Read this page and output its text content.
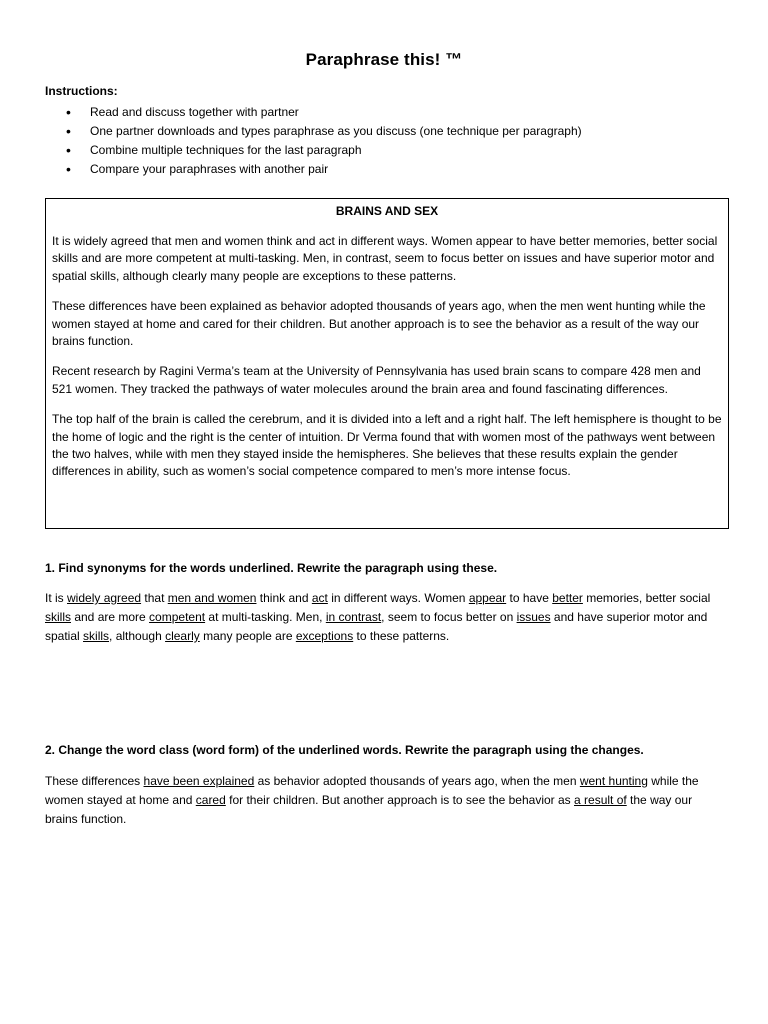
Paraphrase this! ™
Instructions:
• Read and discuss together with partner
• One partner downloads and types paraphrase as you discuss (one technique per paragraph)
• Combine multiple techniques for the last paragraph
• Compare your paraphrases with another pair
BRAINS AND SEX

It is widely agreed that men and women think and act in different ways. Women appear to have better memories, better social skills and are more competent at multi-tasking. Men, in contrast, seem to focus better on issues and have superior motor and spatial skills, although clearly many people are exceptions to these patterns.

These differences have been explained as behavior adopted thousands of years ago, when the men went hunting while the women stayed at home and cared for their children. But another approach is to see the behavior as a result of the way our brains function.

Recent research by Ragini Verma’s team at the University of Pennsylvania has used brain scans to compare 428 men and 521 women. They tracked the pathways of water molecules around the brain area and found fascinating differences.

The top half of the brain is called the cerebrum, and it is divided into a left and a right half. The left hemisphere is thought to be the home of logic and the right is the center of intuition. Dr Verma found that with women most of the pathways went between the two halves, while with men they stayed inside the hemispheres. She believes that these results explain the gender differences in ability, such as women’s social competence compared to men’s more intense focus.

1. Find synonyms for the words underlined. Rewrite the paragraph using these.

It is widely agreed that men and women think and act in different ways. Women appear to have better memories, better social skills and are more competent at multi-tasking. Men, in contrast, seem to focus better on issues and have superior motor and spatial skills, although clearly many people are exceptions to these patterns.

2. Change the word class (word form) of the underlined words. Rewrite the paragraph using the changes.

These differences have been explained as behavior adopted thousands of years ago, when the men went hunting while the women stayed at home and cared for their children. But another approach is to see the behavior as a result of the way our brains function.
